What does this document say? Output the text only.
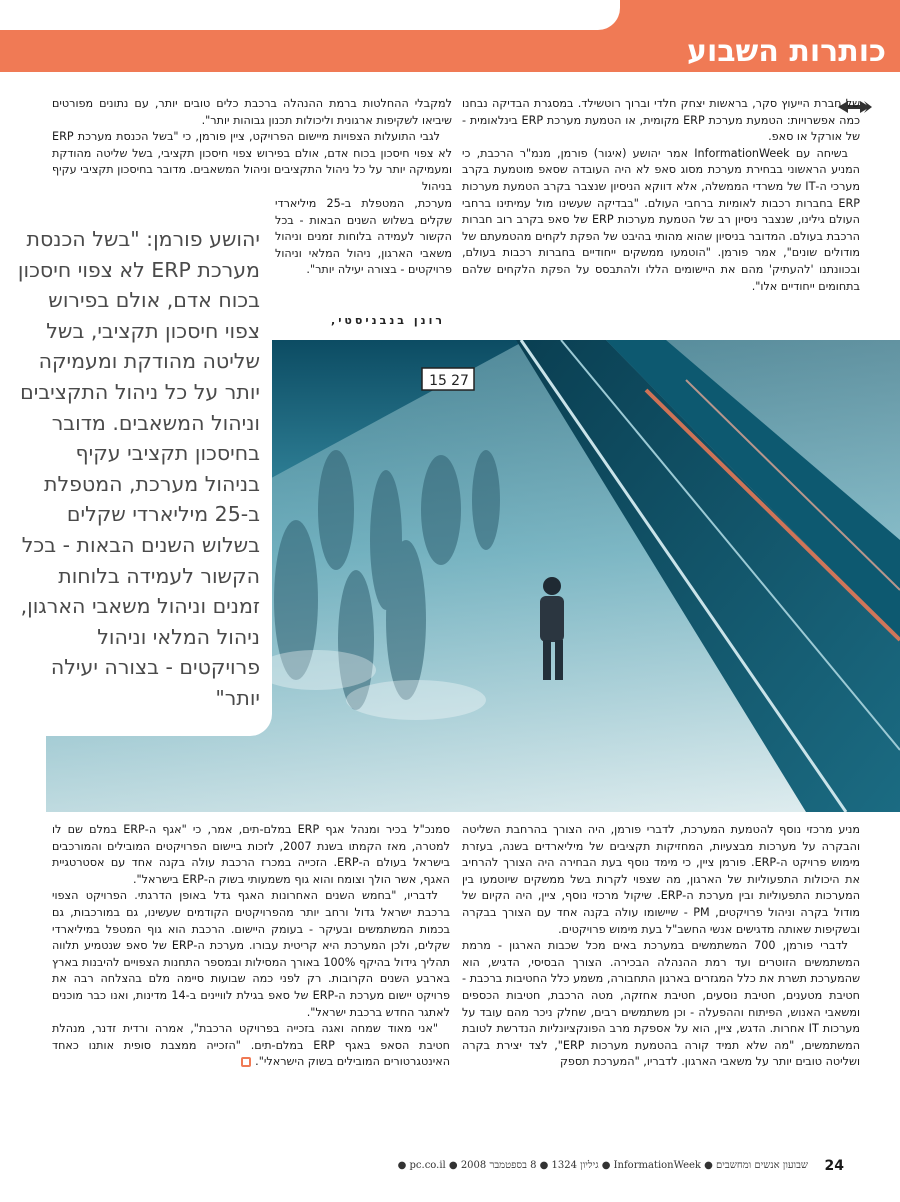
כותרות השבוע

של חברת הייעוץ סקר, בראשות יצחק חלדי וברוך רוטשילד. במסגרת הבדיקה נבחנו כמה אפשרויות: הטמעת מערכת ERP מקומית, או הטמעת מערכת ERP בינלאומית - של אורקל או סאפ.

בשיחה עם InformationWeek אמר יהושע (איגור) פורמן, מנמ"ר הרכבת, כי המניע הראשוני בבחירת מערכת מסוג סאפ לא היה העובדה שסאפ מוטמעת בקרב מערכי ה-IT של משרדי הממשלה, אלא דווקא הניסיון שנצבר בקרב הטמעת מערכות ERP בחברות רכבות לאומיות ברחבי העולם. "בבדיקה שעשינו מול עמיתינו ברחבי העולם גילינו, שנצבר ניסיון רב של הטמעת מערכות ERP של סאפ בקרב רוב חברות הרכבת בעולם. המדובר בניסיון שהוא מהותי בהיבט של הפקת לקחים מהטמעתם של מודולים שונים", אמר פורמן. "הוטמעו ממשקים ייחודיים בחברות רכבות בעולם, ובכוונתנו 'להעתיק' מהם את היישומים הללו ולהתבסס על הפקת הלקחים שלהם בתחומים ייחודיים אלו".

למקבלי ההחלטות ברמת ההנהלה ברכבת כלים טובים יותר, עם נתונים מפורטים שיביאו לשקיפות ארגונית וליכולות תכנון גבוהות יותר".

לגבי התועלות הצפויות מיישום הפרויקט, ציין פורמן, כי "בשל הכנסת מערכת ERP לא צפוי חיסכון בכוח אדם, אולם בפירוש צפוי חיסכון תקציבי, בשל שליטה מהודקת ומעמיקה יותר על כל ניהול התקציבים וניהול המשאבים. מדובר בחיסכון תקציבי עקיף בניהול

מערכת, המטפלת ב-25 מיליארדי שקלים בשלוש השנים הבאות - בכל הקשור לעמידה בלוחות זמנים וניהול משאבי הארגון, ניהול המלאי וניהול פרויקטים - בצורה יעילה יותר".
רונן בנבניסטי,
15 27
יהושע פורמן: "בשל הכנסת מערכת ERP לא צפוי חיסכון בכוח אדם, אולם בפירוש צפוי חיסכון תקציבי, בשל שליטה מהודקת ומעמיקה יותר על כל ניהול התקציבים וניהול המשאבים. מדובר בחיסכון תקציבי עקיף בניהול מערכת, המטפלת ב-25 מיליארדי שקלים בשלוש השנים הבאות - בכל הקשור לעמידה בלוחות זמנים וניהול משאבי הארגון, ניהול המלאי וניהול פרויקטים - בצורה יעילה יותר"

מניע מרכזי נוסף להטמעת המערכת, לדברי פורמן, היה הצורך בהרחבת השליטה והבקרה על מערכות מבצעיות, המחזיקות תקציבים של מיליארדים בשנה, בעזרת מימוש פרויקט ה-ERP. פורמן ציין, כי מימד נוסף בעת הבחירה היה הצורך להרחיב את היכולות התפעוליות של הארגון, מה שצפוי לקרות בשל ממשקים שיוטמעו בין המערכות התפעוליות ובין מערכת ה-ERP. שיקול מרכזי נוסף, ציין, היה הקיום של מודול בקרה וניהול פרויקטים, PM - שיישומו עולה בקנה אחד עם הצורך בבקרה ובשקיפות שאותה מדגישים אנשי החשב"ל בעת מימוש פרויקטים.

לדברי פורמן, 700 המשתמשים במערכת באים מכל שכבות הארגון - מרמת המשתמשים הזוטרים ועד רמת ההנהלה הבכירה. הצורך הבסיסי, הדגיש, הוא שהמערכת תשרת את כלל המגזרים בארגון התחבורה, משמע כלל החטיבות ברכבת - חטיבת מטענים, חטיבת נוסעים, חטיבת אחזקה, מטה הרכבת, חטיבות הכספים ומשאבי האנוש, הפיתוח וההפעלה - וכן משתמשים רבים, שחלק ניכר מהם עובד על מערכות IT אחרות. הדגש, ציין, הוא על אספקת מרב הפונקציונליות הנדרשת לטובת המשתמשים, "מה שלא תמיד קורה בהטמעת מערכות ERP", לצד יצירת בקרה ושליטה טובים יותר על משאבי הארגון. לדבריו, "המערכת תספק

סמנכ"ל בכיר ומנהל אגף ERP במלם-תים, אמר, כי "אגף ה-ERP במלם שם לו למטרה, מאז הקמתו בשנת 2007, לזכות ביישום הפרויקטים המובילים והמורכבים בישראל בעולם ה-ERP. הזכייה במכרז הרכבת עולה בקנה אחד עם אסטרטגיית האגף, אשר הולך וצומח והוא גוף משמעותי בשוק ה-ERP בישראל".

לדבריו, "בחמש השנים האחרונות האגף גדל באופן הדרגתי. הפרויקט הצפוי ברכבת ישראל גדול ורחב יותר מהפרויקטים הקודמים שעשינו, גם במורכבות, גם בכמות המשתמשים ובעיקר - בעומק היישום. הרכבת הוא גוף המטפל במיליארדי שקלים, ולכן המערכת היא קריטית עבורו. מערכת ה-ERP של סאפ שנטמיע תלווה תהליך גידול בהיקף 100% באורך המסילות ובמספר התחנות הצפויים להיבנות בארץ בארבע השנים הקרובות. רק לפני כמה שבועות סיימה מלם בהצלחה רבה את פרויקט יישום מערכת ה-ERP של סאפ בגילת לוויינים ב-14 מדינות, ואנו כבר מוכנים לאתגר החדש ברכבת ישראל".

"אני מאוד שמחה ואגה בזכייה בפרויקט הרכבת", אמרה ורדית זדנר, מנהלת חטיבת הסאפ באגף ERP במלם-תים. "הזכייה ממצבת סופית אותנו כאחד האינטגרטורים המובילים בשוק הישראלי".

24
שבועון אנשים ומחשבים ● InformationWeek ● גיליון 1324 ● 8 בספטמבר 2008 ● pc.co.il ●
